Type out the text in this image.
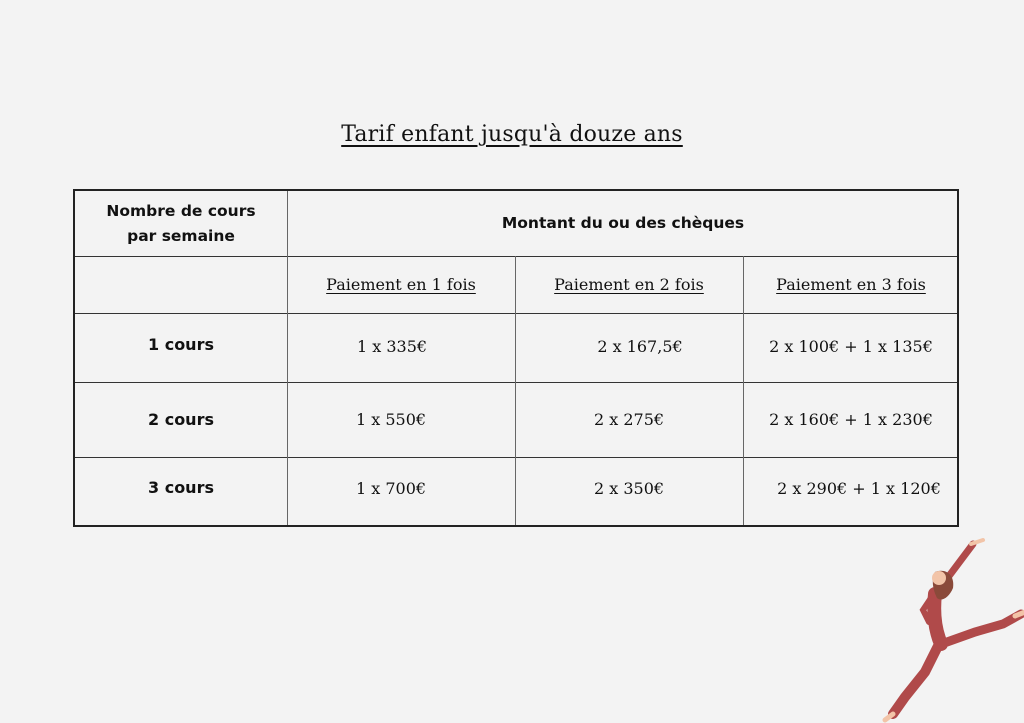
Tarif enfant jusqu'à douze ans
Nombre de cours
par semaine
Montant du ou des chèques
Paiement en 1 fois	Paiement en 2 fois	Paiement en 3 fois
1 cours	1 x 335€	2 x 167,5€	2 x 100€ + 1 x 135€
2 cours	1 x 550€	2 x 275€	2 x 160€ + 1 x 230€
3 cours	1 x 700€	2 x 350€	2 x 290€ + 1 x 120€
